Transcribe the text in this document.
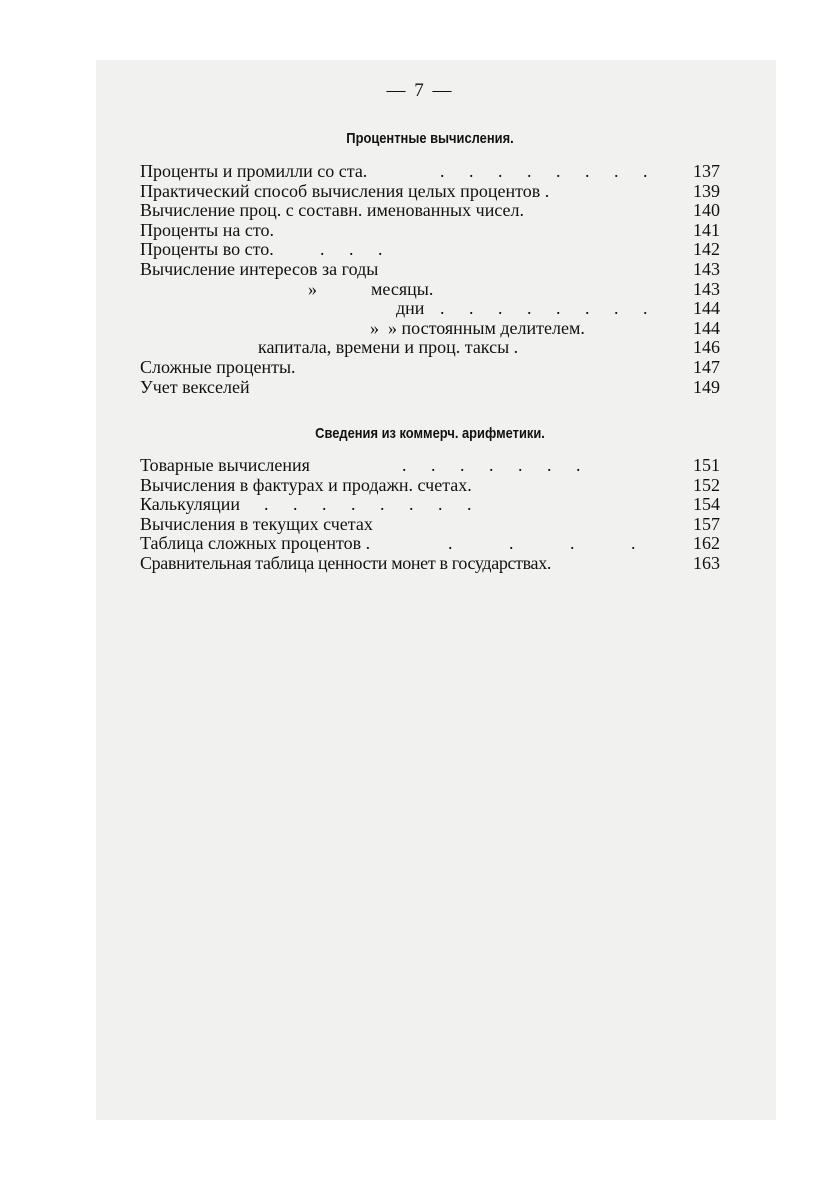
— 7 —
Процентные вычисления.
Проценты и промилли со ста.	. . . . . . . .	137
Практический способ вычисления целых процентов .	139
Вычисление проц. с составн. именованных чисел.	140
Проценты на сто.	141
Проценты во сто.	. . .	142
Вычисление интересов за годы	143
»            месяцы.	143
дни . . . . . . . .	144
»  » постоянным делителем.	144
капитала, времени и проц. таксы .	146
Сложные проценты.	147
Учет векселей	149
Сведения из коммерч. арифметики.
Товарные вычисления	. . . . . . .	151
Вычисления в фактурах и продажн. счетах.	152
Калькуляции . . . . . . . .	154
Вычисления в текущих счетах	157
Таблица сложных процентов .	. . . .	162
Сравнительная таблица ценности монет в государствах.	163
